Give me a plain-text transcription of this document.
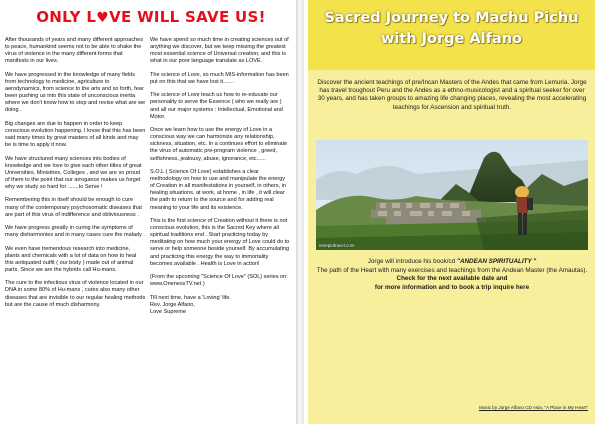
ONLY L♥VE WILL SAVE US!

After thousands of years and many different approaches to peace, humankind seems not to be able to shake the virus of violence in the many different forms that manifests in our lives.

We have progressed in the knowledge of many fields from technology to medicine, agriculture to aerodynamics, from science to the arts and so forth, fear been pushing us into this state of unconscious inertia where we don't know how to stop and revise what are we doing .

Big changes are due to happen in order to keep conscious evolution happening. I know that this has been said many times by great masters of all kinds and may be is time to apply it now.

We have structured many sciences into bodies of knowledge and we love to give each other titles of great Universities, Ministries, Colleges , and we are so proud of them to the point that our arrogance makes us forget why we study so hard for .......to Serve !

Remembering this in itself should be enough to cure many of the contemporary psychosomatic diseases that are part of this virus of indifference and obliviousness .

We have progress greatly in curing the symptoms of many disharmonies and in many cases cure the malady .

We even have tremendous research into medicine, plants and chemicals with a lot of data on how to heal this antiquated outfit ( our body ) made out of animal parts. Since we are the hybrids call Hu-mans.

The cure to the infectious virus of violence located in our DNA in some 80% of Hu-mans , cures also many other diseases that are invisible to our regular healing methods but are the cause of much disharmony.

We have spend so much time in creating sciences out of anything we discover, but we keep missing the greatest most essential science of Universal creation, and this is what in our poor language translate as LOVE.

The science of Love, so much MIS-information has been put on this that we have lost it.......

The science of Love teach us how to re-educate our personality to serve the Essence ( who we really are ) and all our major systems : Intellectual, Emotional and Motor.

Once we learn how to use the energy of Love in a conscious way we can harmonize any relationship, sickness, situation, etc. In a continues effort to eliminate the virus of automatic pre-program violence , greed, selfishness, jealousy, abuse, ignorance, etc......

S.O.L ( Science Of Love) establishes a clear methodology on how to use and manipulate the energy of Creation in all manifestations in yourself, in others, in healing situations, at work, at home , in life , it will clear the path to return to the source and for adding real meaning to your life and its existence.

This is the first science of Creation without it there is not conscious evolution, this is the Sacred Key where all spiritual traditions end . Start practicing today by meditating on how much your energy of Love could do to serve or help someone beside yourself. By accumulating and practicing this energy the way to immortality becomes available . Health is Love in action!

(From the upcoming "Science Of Love" (SOL) series on: www.OnenessTV.net )

Till next time, have a 'Loving' life.

Rev. Jorge Alfano,

Love Supreme

Sacred Journey to Machu Pichu
with Jorge Alfano
Discover the ancient teachings of pre/Incan Masters of the Andes that came from Lemuria. Jorge has travel troughout Peru and the Andes as a ethno-musicologist and a spiritual seeker for over 30 years, and has taken groups to amazing life changing places, revealing the most accelerating teachings for Ascension and spiritual truth.
intrepidtravel.com
Jorge will introduce his book/cd "ANDEAN SPIRITUALITY "
The path of the Heart with many exercises and teachings from the Andean Master (the Amautas).
Check for the next available date and
for more information and to book a trip inquire here
Music by Jorge Alfano CD Asia, "A Place in My Heart"
